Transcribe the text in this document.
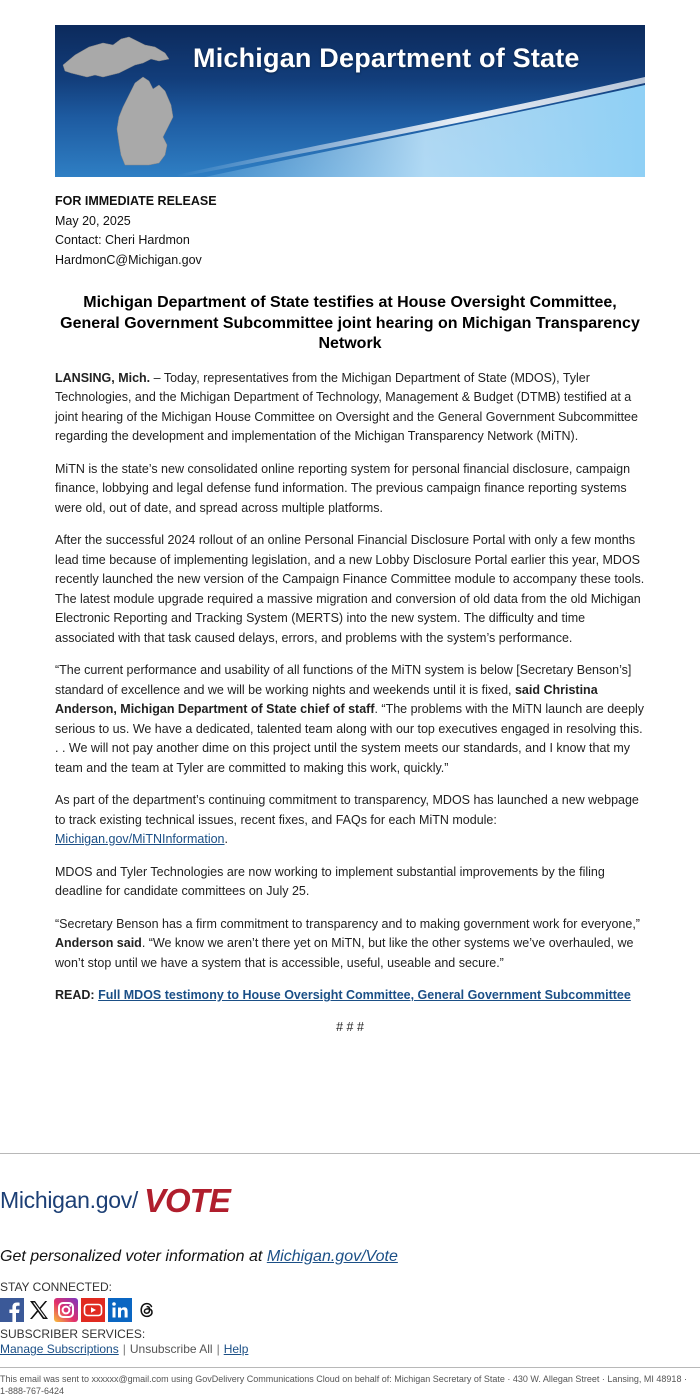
Michigan Department of State
FOR IMMEDIATE RELEASE
May 20, 2025
Contact: Cheri Hardmon
HardmonC@Michigan.gov
Michigan Department of State testifies at House Oversight Committee, General Government Subcommittee joint hearing on Michigan Transparency Network

LANSING, Mich. – Today, representatives from the Michigan Department of State (MDOS), Tyler Technologies, and the Michigan Department of Technology, Management & Budget (DTMB) testified at a joint hearing of the Michigan House Committee on Oversight and the General Government Subcommittee regarding the development and implementation of the Michigan Transparency Network (MiTN).

MiTN is the state’s new consolidated online reporting system for personal financial disclosure, campaign finance, lobbying and legal defense fund information. The previous campaign finance reporting systems were old, out of date, and spread across multiple platforms.

After the successful 2024 rollout of an online Personal Financial Disclosure Portal with only a few months lead time because of implementing legislation, and a new Lobby Disclosure Portal earlier this year, MDOS recently launched the new version of the Campaign Finance Committee module to accompany these tools. The latest module upgrade required a massive migration and conversion of old data from the old Michigan Electronic Reporting and Tracking System (MERTS) into the new system. The difficulty and time associated with that task caused delays, errors, and problems with the system’s performance.

“The current performance and usability of all functions of the MiTN system is below [Secretary Benson’s] standard of excellence and we will be working nights and weekends until it is fixed, said Christina Anderson, Michigan Department of State chief of staff. “The problems with the MiTN launch are deeply serious to us. We have a dedicated, talented team along with our top executives engaged in resolving this. . . We will not pay another dime on this project until the system meets our standards, and I know that my team and the team at Tyler are committed to making this work, quickly.”

As part of the department’s continuing commitment to transparency, MDOS has launched a new webpage to track existing technical issues, recent fixes, and FAQs for each MiTN module: Michigan.gov/MiTNInformation.

MDOS and Tyler Technologies are now working to implement substantial improvements by the filing deadline for candidate committees on July 25.

“Secretary Benson has a firm commitment to transparency and to making government work for everyone,” Anderson said. “We know we aren’t there yet on MiTN, but like the other systems we’ve overhauled, we won’t stop until we have a system that is accessible, useful, useable and secure.”

READ: Full MDOS testimony to House Oversight Committee, General Government Subcommittee

# # #
Michigan.gov/ VOTE
Get personalized voter information at Michigan.gov/Vote
STAY CONNECTED:
SUBSCRIBER SERVICES:
Manage Subscriptions | Unsubscribe All | Help
This email was sent to xxxxxx@gmail.com using GovDelivery Communications Cloud on behalf of: Michigan Secretary of State · 430 W. Allegan Street · Lansing, MI 48918 · 1-888-767-6424
